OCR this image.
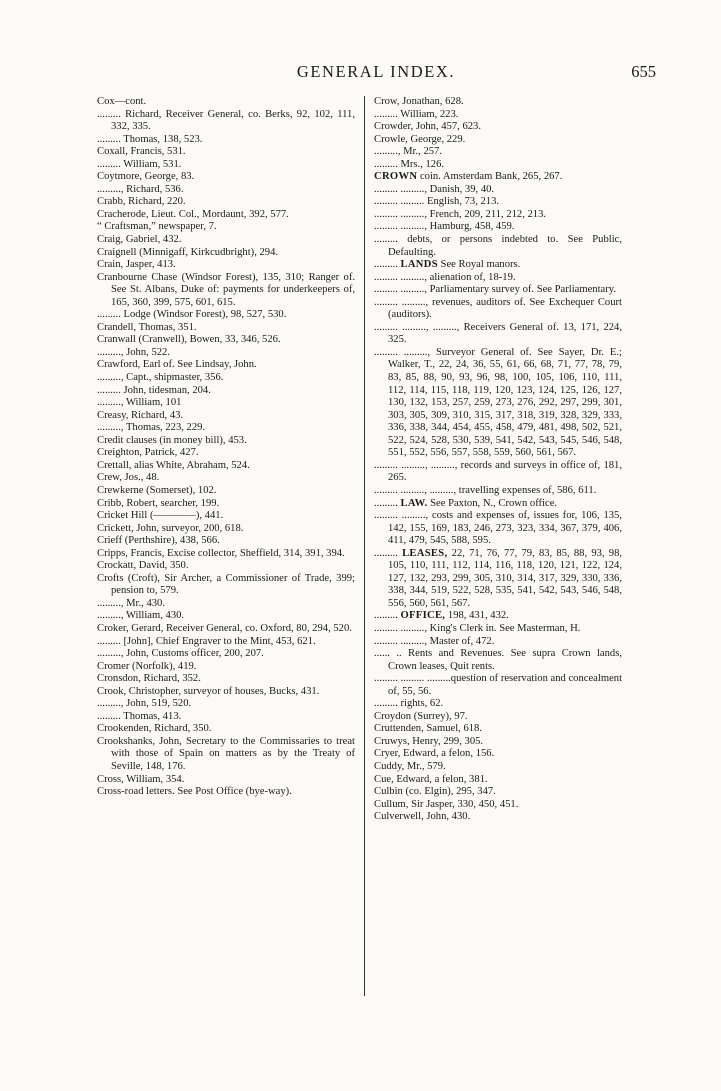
GENERAL INDEX.	655
Cox—cont.
......... Richard, Receiver General, co. Berks, 92, 102, 111, 332, 335.
......... Thomas, 138, 523.
Coxall, Francis, 531.
......... William, 531.
Coytmore, George, 83.
........., Richard, 536.
Crabb, Richard, 220.
Cracherode, Lieut. Col., Mordaunt, 392, 577.
“ Craftsman,” newspaper, 7.
Craig, Gabriel, 432.
Craignell (Minnigaff, Kirkcudbright), 294.
Crain, Jasper, 413.
Cranbourne Chase (Windsor Forest), 135, 310; Ranger of. See St. Albans, Duke of: payments for underkeepers of, 165, 360, 399, 575, 601, 615.
......... Lodge (Windsor Forest), 98, 527, 530.
Crandell, Thomas, 351.
Cranwall (Cranwell), Bowen, 33, 346, 526.
........., John, 522.
Crawford, Earl of. See Lindsay, John.
........., Capt., shipmaster, 356.
......... John, tidesman, 204.
........., William, 101
Creasy, Richard, 43.
........., Thomas, 223, 229.
Credit clauses (in money bill), 453.
Creighton, Patrick, 427.
Crettall, alias White, Abraham, 524.
Crew, Jos., 48.
Crewkerne (Somerset), 102.
Cribb, Robert, searcher, 199.
Cricket Hill (————), 441.
Crickett, John, surveyor, 200, 618.
Crieff (Perthshire), 438, 566.
Cripps, Francis, Excise collector, Sheffield, 314, 391, 394.
Crockatt, David, 350.
Crofts (Croft), Sir Archer, a Commissioner of Trade, 399; pension to, 579.
........., Mr., 430.
........., William, 430.
Croker, Gerard, Receiver General, co. Oxford, 80, 294, 520.
......... [John], Chief Engraver to the Mint, 453, 621.
........., John, Customs officer, 200, 207.
Cromer (Norfolk), 419.
Cronsdon, Richard, 352.
Crook, Christopher, surveyor of houses, Bucks, 431.
........., John, 519, 520.
......... Thomas, 413.
Crookenden, Richard, 350.
Crookshanks, John, Secretary to the Commissaries to treat with those of Spain on matters as by the Treaty of Seville, 148, 176.
Cross, William, 354.
Cross-road letters. See Post Office (bye-way).
Crow, Jonathan, 628.
......... William, 223.
Crowder, John, 457, 623.
Crowle, George, 229.
........., Mr., 257.
......... Mrs., 126.
CROWN coin. Amsterdam Bank, 265, 267.
......... ........., Danish, 39, 40.
......... ......... English, 73, 213.
......... ........., French, 209, 211, 212, 213.
......... ........., Hamburg, 458, 459.
......... debts, or persons indebted to. See Public, Defaulting.
......... LANDS See Royal manors.
......... ........., alienation of, 18-19.
......... ........., Parliamentary survey of. See Parliamentary.
......... ........., revenues, auditors of. See Exchequer Court (auditors).
......... ........., ........., Receivers General of. 13, 171, 224, 325.
......... ........., Surveyor General of. See Sayer, Dr. E.; Walker, T., 22, 24, 36, 55, 61, 66, 68, 71, 77, 78, 79, 83, 85, 88, 90, 93, 96, 98, 100, 105, 106, 110, 111, 112, 114, 115, 118, 119, 120, 123, 124, 125, 126, 127, 130, 132, 153, 257, 259, 273, 276, 292, 297, 299, 301, 303, 305, 309, 310, 315, 317, 318, 319, 328, 329, 333, 336, 338, 344, 454, 455, 458, 479, 481, 498, 502, 521, 522, 524, 528, 530, 539, 541, 542, 543, 545, 546, 548, 551, 552, 556, 557, 558, 559, 560, 561, 567.
......... ........., ........., records and surveys in office of, 181, 265.
......... ........., ........., travelling expenses of, 586, 611.
......... LAW. See Paxton, N., Crown office.
......... ........., costs and expenses of, issues for, 106, 135, 142, 155, 169, 183, 246, 273, 323, 334, 367, 379, 406, 411, 479, 545, 588, 595.
......... LEASES, 22, 71, 76, 77, 79, 83, 85, 88, 93, 98, 105, 110, 111, 112, 114, 116, 118, 120, 121, 122, 124, 127, 132, 293, 299, 305, 310, 314, 317, 329, 330, 336, 338, 344, 519, 522, 528, 535, 541, 542, 543, 546, 548, 556, 560, 561, 567.
......... OFFICE, 198, 431, 432.
......... ........., King's Clerk in. See Masterman, H.
......... ........., Master of, 472.
...... .. Rents and Revenues. See supra Crown lands, Crown leases, Quit rents.
......... ......... .........question of reservation and concealment of, 55, 56.
......... rights, 62.
Croydon (Surrey), 97.
Cruttenden, Samuel, 618.
Cruwys, Henry, 299, 305.
Cryer, Edward, a felon, 156.
Cuddy, Mr., 579.
Cue, Edward, a felon, 381.
Culbin (co. Elgin), 295, 347.
Cullum, Sir Jasper, 330, 450, 451.
Culverwell, John, 430.
